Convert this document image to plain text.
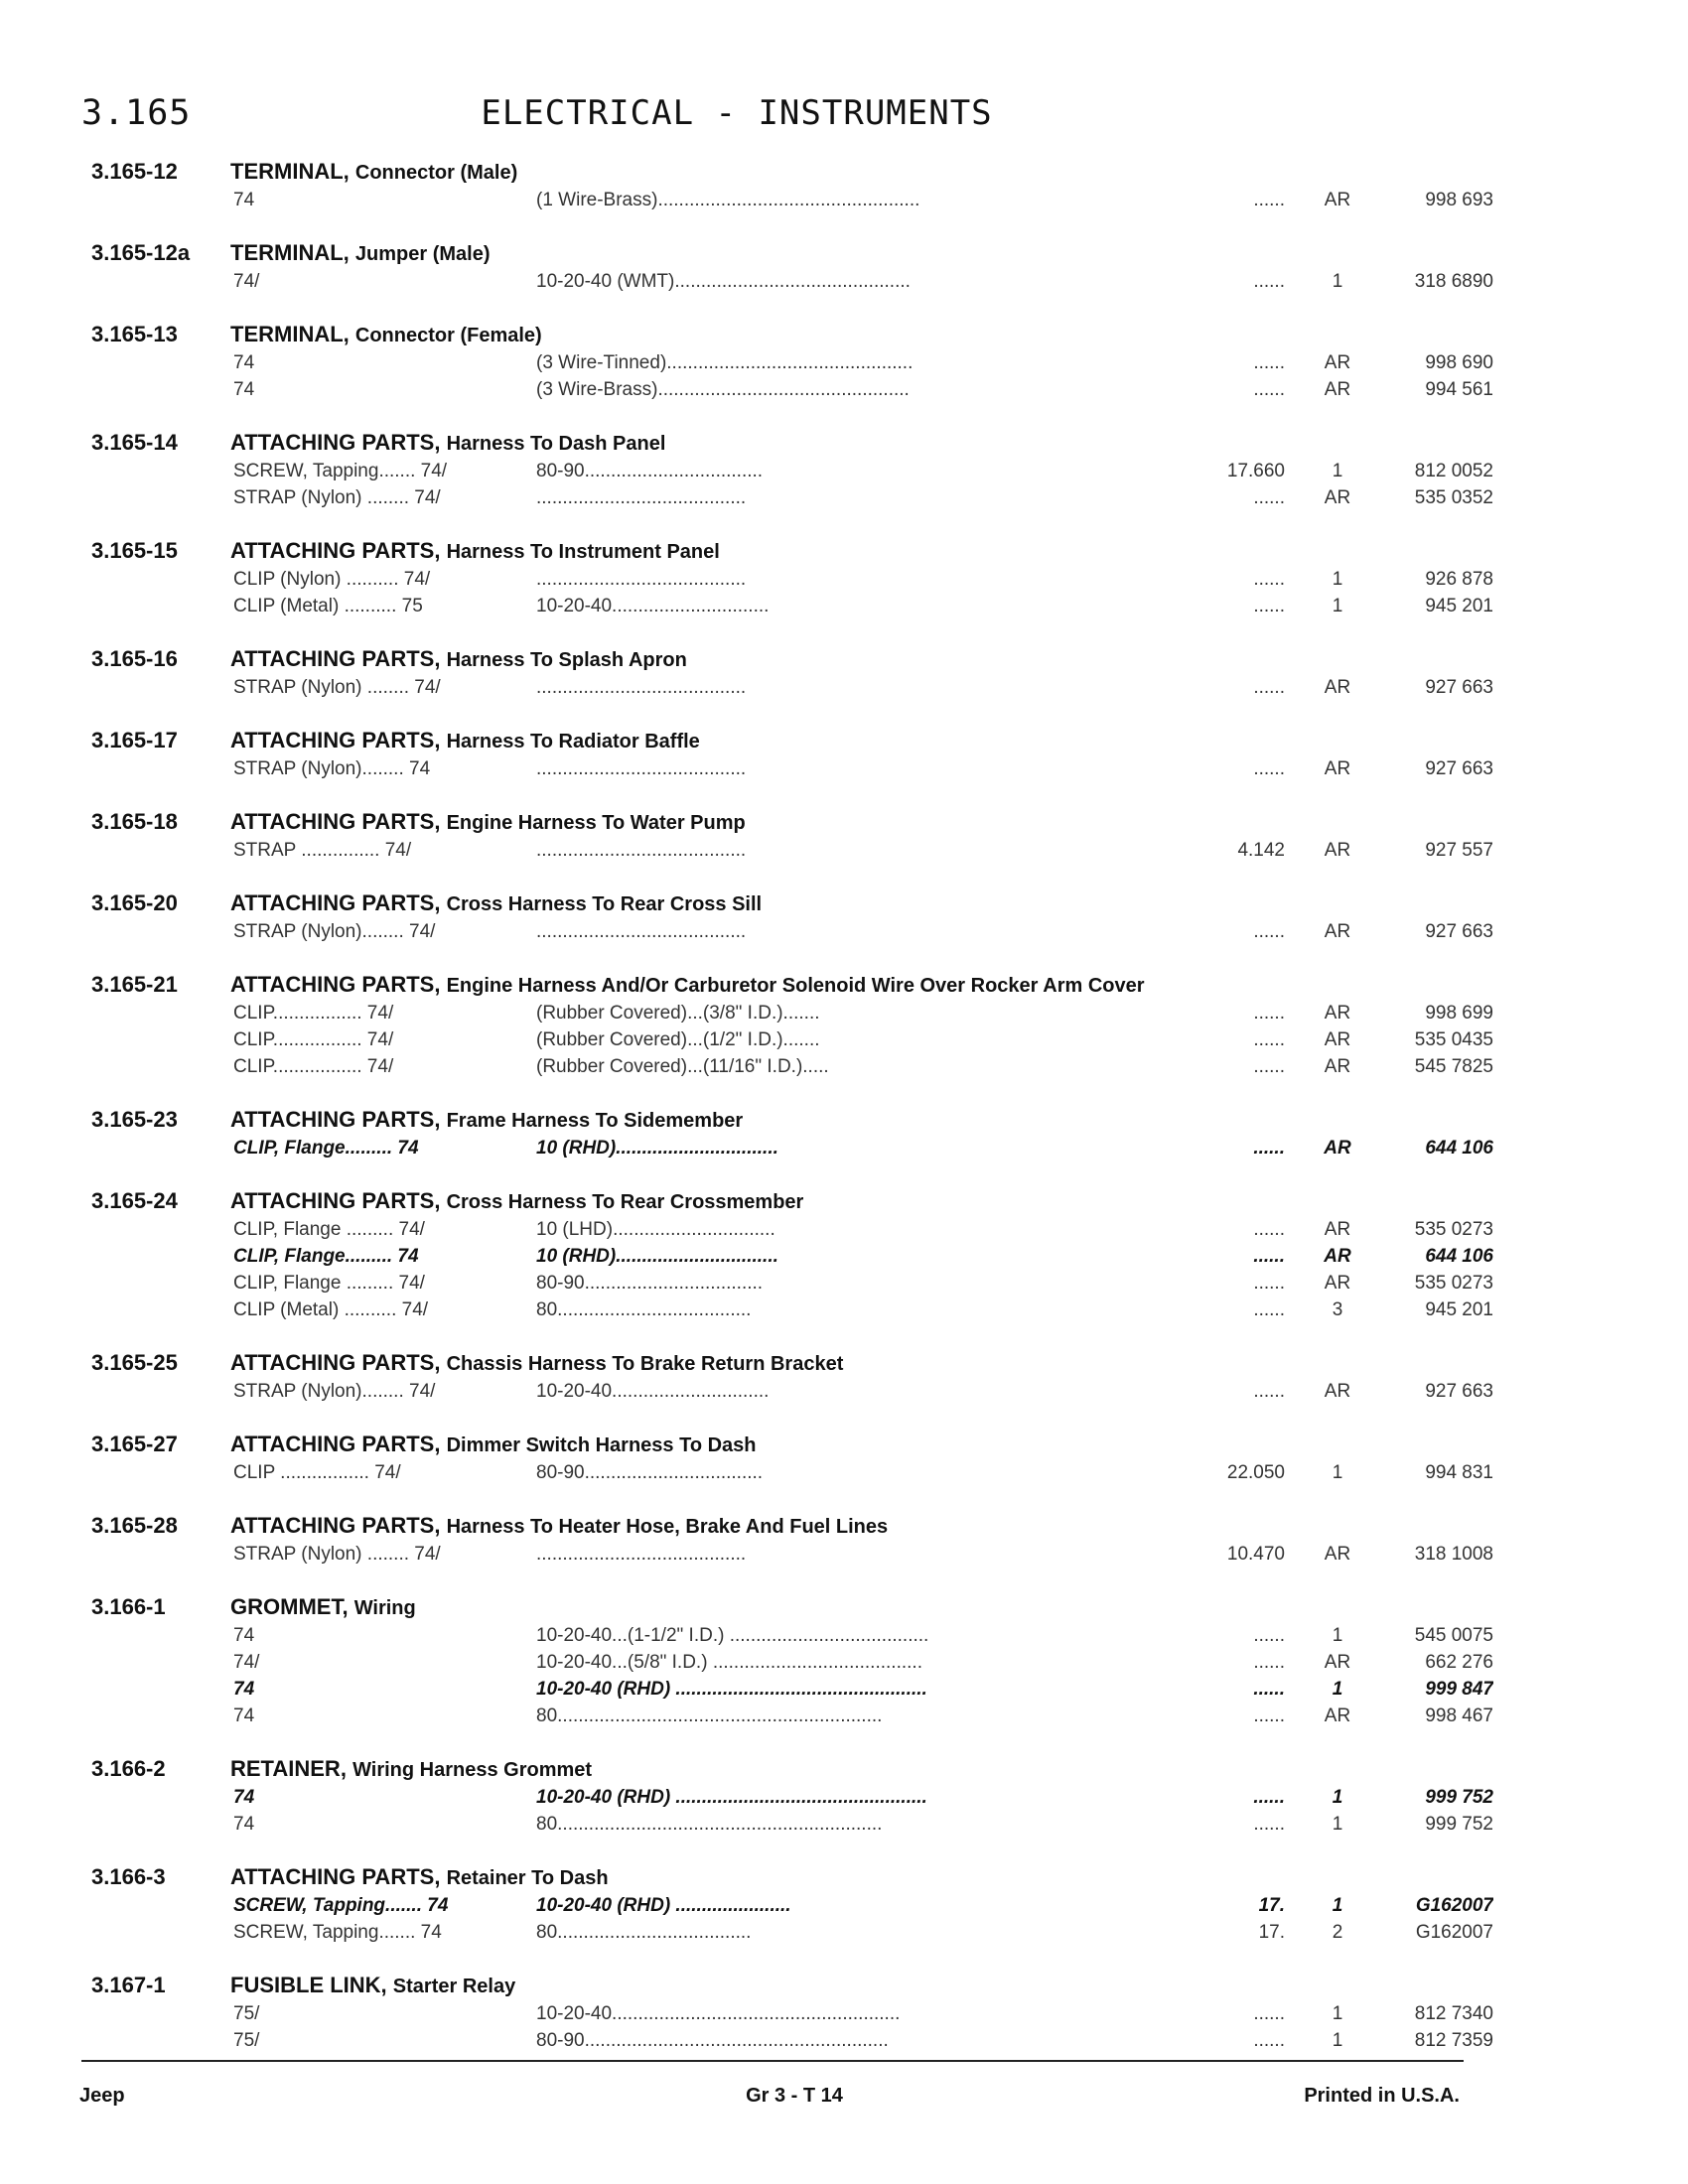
3.165	ELECTRICAL - INSTRUMENTS
3.165-12 TERMINAL, Connector (Male)
74	(1 Wire-Brass)..................................................	......	AR	998 693
3.165-12a TERMINAL, Jumper (Male)
74/	10-20-40 (WMT).............................................	......	1	318 6890
3.165-13 TERMINAL, Connector (Female)
74	(3 Wire-Tinned)...............................................	......	AR	998 690
74	(3 Wire-Brass)................................................	......	AR	994 561
3.165-14 ATTACHING PARTS, Harness To Dash Panel
SCREW, Tapping....... 74/	80-90..................................	17.660	1	812 0052
STRAP (Nylon) ........ 74/	........................................	......	AR	535 0352
3.165-15 ATTACHING PARTS, Harness To Instrument Panel
CLIP (Nylon) .......... 74/	........................................	......	1	926 878
CLIP (Metal) .......... 75	10-20-40..............................	......	1	945 201
3.165-16 ATTACHING PARTS, Harness To Splash Apron
STRAP (Nylon) ........ 74/	........................................	......	AR	927 663
3.165-17 ATTACHING PARTS, Harness To Radiator Baffle
STRAP (Nylon)........ 74	........................................	......	AR	927 663
3.165-18 ATTACHING PARTS, Engine Harness To Water Pump
STRAP ............... 74/	........................................	4.142	AR	927 557
3.165-20 ATTACHING PARTS, Cross Harness To Rear Cross Sill
STRAP (Nylon)........ 74/	........................................	......	AR	927 663
3.165-21 ATTACHING PARTS, Engine Harness And/Or Carburetor Solenoid Wire Over Rocker Arm Cover
CLIP................. 74/	(Rubber Covered)...(3/8" I.D.).......	......	AR	998 699
CLIP................. 74/	(Rubber Covered)...(1/2" I.D.).......	......	AR	535 0435
CLIP................. 74/	(Rubber Covered)...(11/16" I.D.).....	......	AR	545 7825
3.165-23 ATTACHING PARTS, Frame Harness To Sidemember
CLIP, Flange......... 74	10 (RHD)...............................	......	AR	644 106
3.165-24 ATTACHING PARTS, Cross Harness To Rear Crossmember
CLIP, Flange ......... 74/	10 (LHD)...............................	......	AR	535 0273
CLIP, Flange......... 74	10 (RHD)...............................	......	AR	644 106
CLIP, Flange ......... 74/	80-90..................................	......	AR	535 0273
CLIP (Metal) .......... 74/	80.....................................	......	3	945 201
3.165-25 ATTACHING PARTS, Chassis Harness To Brake Return Bracket
STRAP (Nylon)........ 74/	10-20-40..............................	......	AR	927 663
3.165-27 ATTACHING PARTS, Dimmer Switch Harness To Dash
CLIP ................. 74/	80-90..................................	22.050	1	994 831
3.165-28 ATTACHING PARTS, Harness To Heater Hose, Brake And Fuel Lines
STRAP (Nylon) ........ 74/	........................................	10.470	AR	318 1008
3.166-1	GROMMET, Wiring
74	10-20-40...(1-1/2" I.D.) ......................................	......	1	545 0075
74/	10-20-40...(5/8" I.D.) ........................................	......	AR	662 276
74	10-20-40 (RHD) ................................................	......	1	999 847
74	80..............................................................	......	AR	998 467
3.166-2	RETAINER, Wiring Harness Grommet
74	10-20-40 (RHD) ................................................	......	1	999 752
74	80..............................................................	......	1	999 752
3.166-3	ATTACHING PARTS, Retainer To Dash
SCREW, Tapping....... 74	10-20-40 (RHD) ......................	17.	1	G162007
SCREW, Tapping....... 74	80.....................................	17.	2	G162007
3.167-1	FUSIBLE LINK, Starter Relay
75/	10-20-40.......................................................	......	1	812 7340
75/	80-90..........................................................	......	1	812 7359
Jeep	Gr 3 - T 14	Printed in U.S.A.
